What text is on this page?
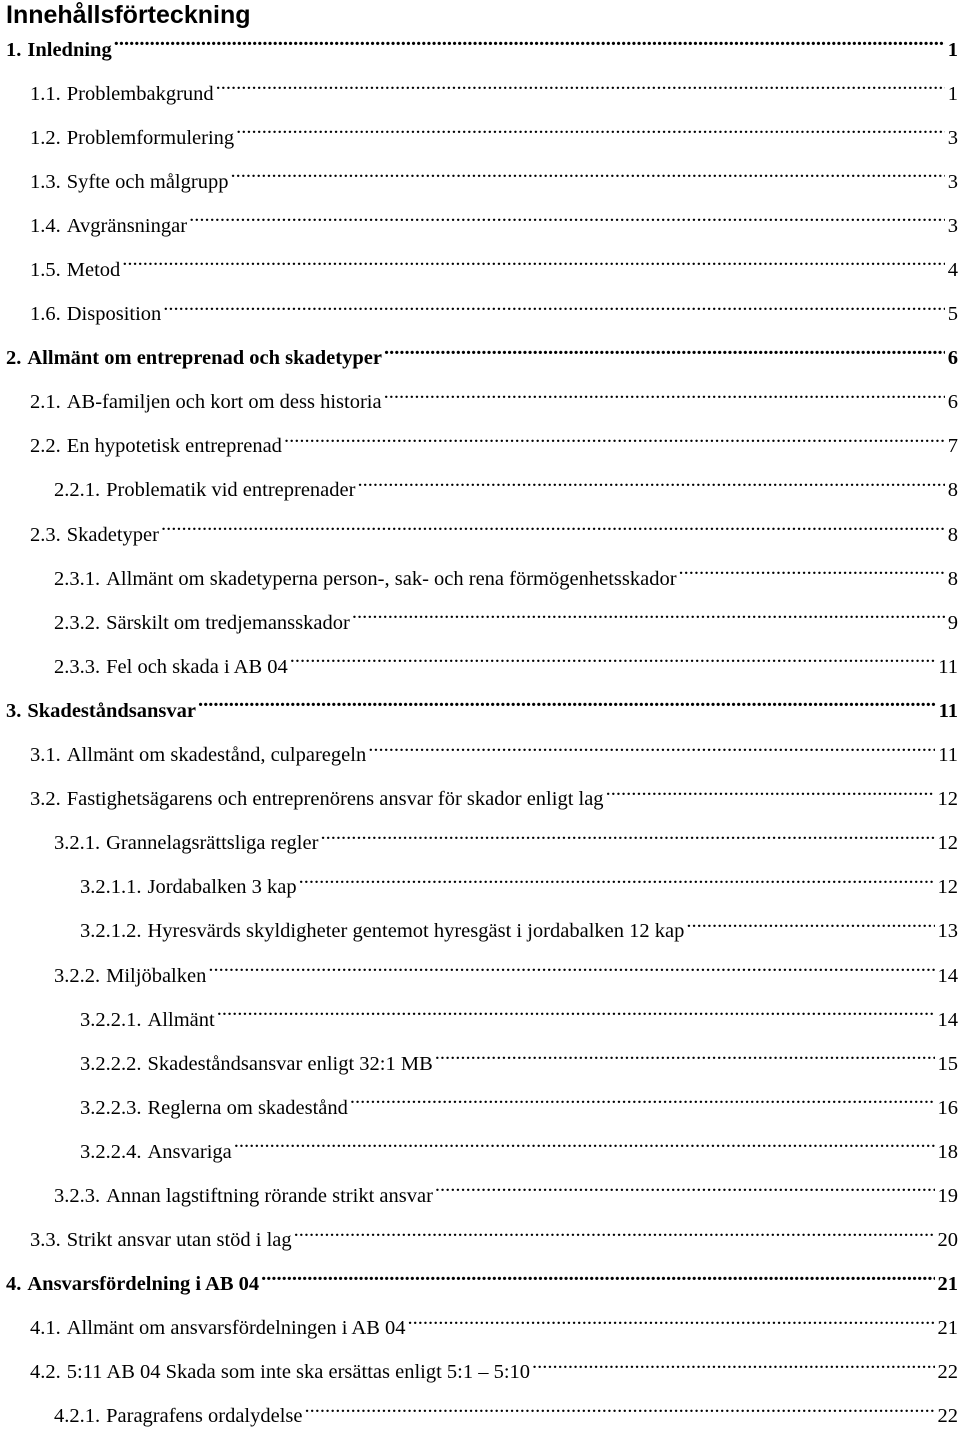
Innehållsförteckning
1. Inledning .....	1
1.1. Problembakgrund .....	1
1.2. Problemformulering .....	3
1.3. Syfte och målgrupp .....	3
1.4. Avgränsningar .....	3
1.5. Metod .....	4
1.6. Disposition .....	5
2. Allmänt om entreprenad och skadetyper .....	6
2.1. AB-familjen och kort om dess historia .....	6
2.2. En hypotetisk entreprenad .....	7
2.2.1. Problematik vid entreprenader .....	8
2.3. Skadetyper .....	8
2.3.1. Allmänt om skadetyperna person-, sak- och rena förmögenhetsskador .....	8
2.3.2. Särskilt om tredjemansskador .....	9
2.3.3. Fel och skada i AB 04 .....	11
3. Skadeståndsansvar .....	11
3.1. Allmänt om skadestånd, culparegeln .....	11
3.2. Fastighetsägarens och entreprenörens ansvar för skador enligt lag .....	12
3.2.1. Grannelagsrättsliga regler .....	12
3.2.1.1. Jordabalken 3 kap .....	12
3.2.1.2. Hyresvärds skyldigheter gentemot hyresgäst i jordabalken 12 kap .....	13
3.2.2. Miljöbalken .....	14
3.2.2.1. Allmänt .....	14
3.2.2.2. Skadeståndsansvar enligt 32:1 MB .....	15
3.2.2.3. Reglerna om skadestånd .....	16
3.2.2.4. Ansvariga .....	18
3.2.3. Annan lagstiftning rörande strikt ansvar .....	19
3.3. Strikt ansvar utan stöd i lag .....	20
4. Ansvarsfördelning i AB 04 .....	21
4.1. Allmänt om ansvarsfördelningen i AB 04 .....	21
4.2. 5:11 AB 04 Skada som inte ska ersättas enligt 5:1 – 5:10 .....	22
4.2.1. Paragrafens ordalydelse .....	22
